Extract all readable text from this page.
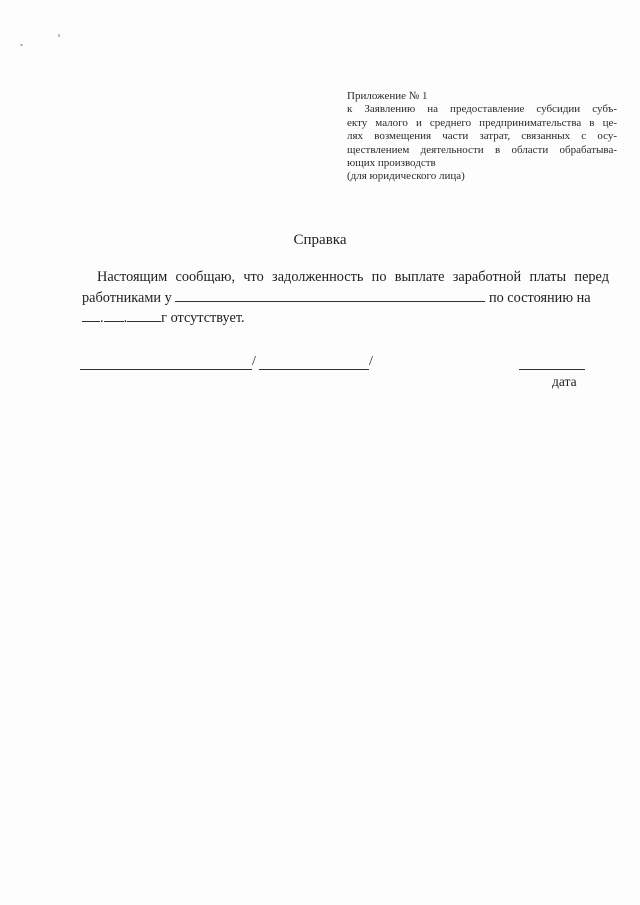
Приложение № 1
к Заявлению на предоставление субсидии субъ-
екту малого и среднего предпринимательства в це-
лях возмещения части затрат, связанных с осу-
ществлением деятельности в области обрабатыва-
ющих производств
(для юридического лица)
Справка
Настоящим сообщаю, что задолженность по выплате заработной платы перед
работниками у	по состоянию на
. . г отсутствует.
/	/
дата
